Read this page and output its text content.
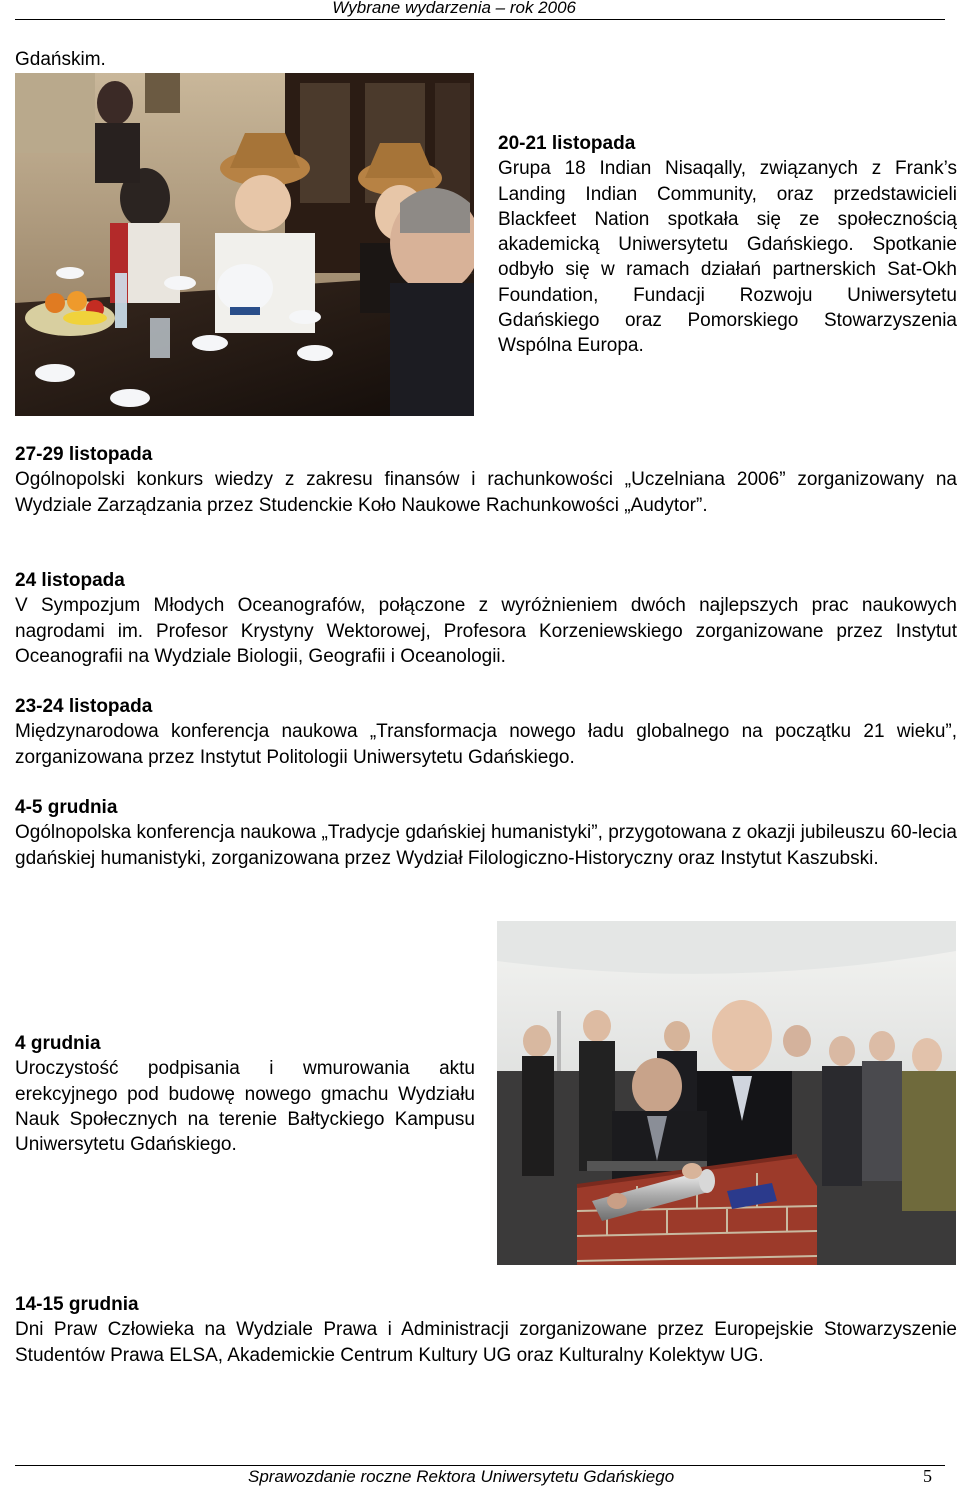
Wybrane wydarzenia – rok 2006
Gdańskim.
20-21 listopada
Grupa 18 Indian Nisaqally, związanych z Frank’s Landing Indian Community, oraz przedstawicieli Blackfeet Nation spotkała się ze społecznością akademicką Uniwersytetu Gdańskiego. Spotkanie odbyło się w ramach działań partnerskich Sat-Okh Foundation, Fundacji Rozwoju Uniwersytetu Gdańskiego oraz Pomorskiego Stowarzyszenia Wspólna Europa.
27-29 listopada
Ogólnopolski konkurs wiedzy z zakresu finansów i rachunkowości „Uczelniana 2006” zorganizowany na Wydziale Zarządzania przez Studenckie Koło Naukowe Rachunkowości „Audytor”.
24 listopada
V Sympozjum Młodych Oceanografów, połączone z wyróżnieniem dwóch najlepszych prac naukowych nagrodami im. Profesor Krystyny Wektorowej, Profesora Korzeniewskiego zorganizowane przez Instytut Oceanografii na Wydziale Biologii, Geografii i Oceanologii.
23-24 listopada
Międzynarodowa konferencja naukowa „Transformacja nowego ładu globalnego na początku 21 wieku”, zorganizowana przez Instytut Politologii Uniwersytetu Gdańskiego.
4-5 grudnia
Ogólnopolska konferencja naukowa „Tradycje gdańskiej humanistyki”, przygotowana z okazji jubileuszu 60-lecia gdańskiej humanistyki, zorganizowana przez Wydział Filologiczno-Historyczny oraz Instytut Kaszubski.
4 grudnia
Uroczystość podpisania i wmurowania aktu erekcyjnego pod budowę nowego gmachu Wydziału Nauk Społecznych na terenie Bałtyckiego Kampusu Uniwersytetu Gdańskiego.
14-15 grudnia
Dni Praw Człowieka na Wydziale Prawa i Administracji zorganizowane przez Europejskie Stowarzyszenie Studentów Prawa ELSA, Akademickie Centrum Kultury UG oraz Kulturalny Kolektyw UG.
Sprawozdanie roczne Rektora Uniwersytetu Gdańskiego	5
